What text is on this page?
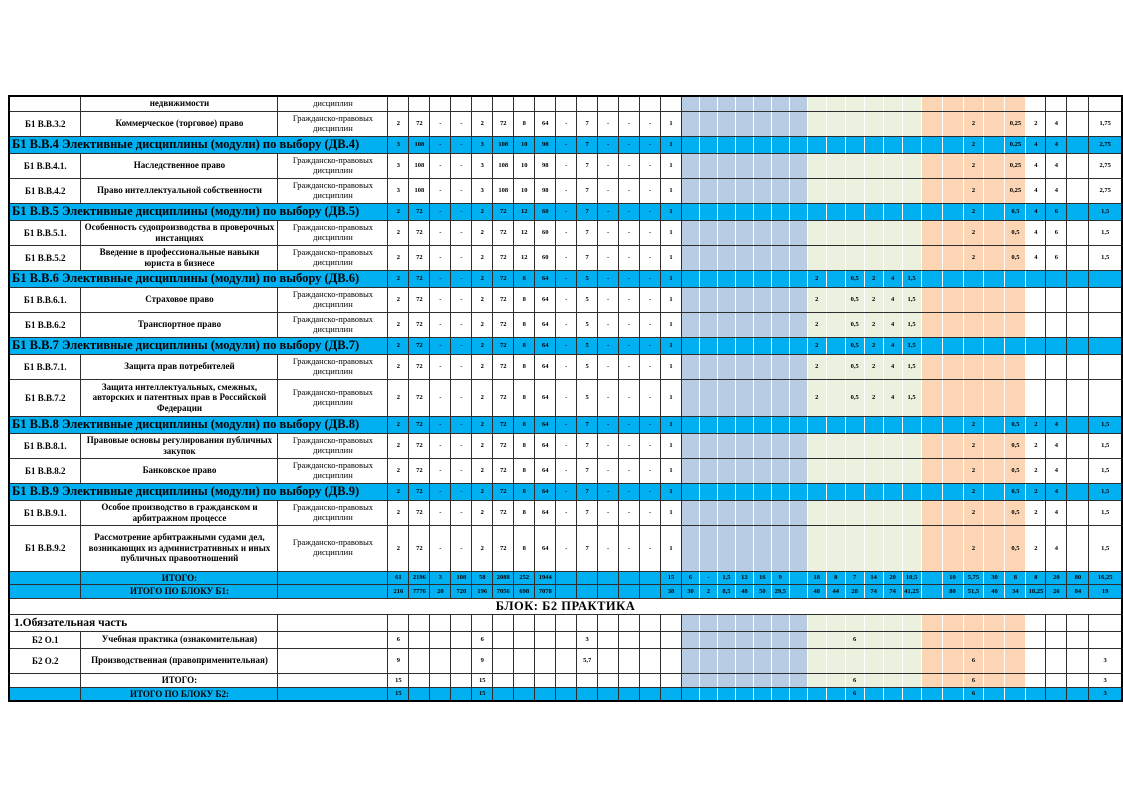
	недвижимости	дисциплин																																				
Б1 В.В.3.2	Коммерческое (торговое) право	Гражданско-правовых дисциплин	2	72	-	-	2	72	8	64	-	7	-	-	-	1																2		0,25	2	4		1,75
Б1 В.В.4 Элективные дисциплины (модули) по выбору (ДВ.4)			3	108	-	-	3	108	10	98	-	7	-	-	-	1																2		0,25	4	4		2,75
Б1 В.В.4.1.	Наследственное право	Гражданско-правовых дисциплин	3	108	-	-	3	108	10	98	-	7	-	-	-	1																2		0,25	4	4		2,75
Б1 В.В.4.2	Право интеллектуальной собственности	Гражданско-правовых дисциплин	3	108	-	-	3	108	10	98	-	7	-	-	-	1																2		0,25	4	4		2,75
Б1 В.В.5 Элективные дисциплины (модули) по выбору (ДВ.5)			2	72	-	-	2	72	12	60	-	7	-	-	-	1																2		0,5	4	6		1,5
Б1 В.В.5.1.	Особенность судопроизводства в проверочных инстанциях	Гражданско-правовых дисциплин	2	72	-	-	2	72	12	60	-	7	-	-	-	1																2		0,5	4	6		1,5
Б1 В.В.5.2	Введение в профессиональные навыки юриста в бизнесе	Гражданско-правовых дисциплин	2	72	-	-	2	72	12	60	-	7	-	-	-	1																2		0,5	4	6		1,5
Б1 В.В.6 Элективные дисциплины (модули) по выбору (ДВ.6)			2	72	-	-	2	72	8	64	-	5	-	-	-	1								2		0,5	2	4	1,5									
Б1 В.В.6.1.	Страховое право	Гражданско-правовых дисциплин	2	72	-	-	2	72	8	64	-	5	-	-	-	1								2		0,5	2	4	1,5									
Б1 В.В.6.2	Транспортное право	Гражданско-правовых дисциплин	2	72	-	-	2	72	8	64	-	5	-	-	-	1								2		0,5	2	4	1,5									
Б1 В.В.7 Элективные дисциплины (модули) по выбору (ДВ.7)			2	72	-	-	2	72	8	64	-	5	-	-	-	1								2		0,5	2	4	1,5									
Б1 В.В.7.1.	Защита прав потребителей	Гражданско-правовых дисциплин	2	72	-	-	2	72	8	64	-	5	-	-	-	1								2		0,5	2	4	1,5									
Б1 В.В.7.2	Защита интеллектуальных, смежных, авторских и патентных прав в Российской Федерации	Гражданско-правовых дисциплин	2	72	-	-	2	72	8	64	-	5	-	-	-	1								2		0,5	2	4	1,5									
Б1 В.В.8 Элективные дисциплины (модули) по выбору (ДВ.8)			2	72	-	-	2	72	8	64	-	7	-	-	-	1																2		0,5	2	4		1,5
Б1 В.В.8.1.	Правовые основы регулирования публичных закупок	Гражданско-правовых дисциплин	2	72	-	-	2	72	8	64	-	7	-	-	-	1																2		0,5	2	4		1,5
Б1 В.В.8.2	Банковское право	Гражданско-правовых дисциплин	2	72	-	-	2	72	8	64	-	7	-	-	-	1																2		0,5	2	4		1,5
Б1 В.В.9 Элективные дисциплины (модули) по выбору (ДВ.9)			2	72	-	-	2	72	8	64	-	7	-	-	-	1																2		0,5	2	4		1,5
Б1 В.В.9.1.	Особое производство в гражданском и арбитражном процессе	Гражданско-правовых дисциплин	2	72	-	-	2	72	8	64	-	7	-	-	-	1																2		0,5	2	4		1,5
Б1 В.В.9.2	Рассмотрение арбитражными судами дел, возникающих из административных и иных публичных правоотношений	Гражданско-правовых дисциплин	2	72	-	-	2	72	8	64	-	7	-	-	-	1																2		0,5	2	4		1,5
	ИТОГО:		61	2196	3	108	58	2088	252	1944						15	6	-	1,5	12	16	9		18	8	7	14	20	10,5		10	5,75	30	8	8	20	80	16,25
	ИТОГО ПО БЛОКУ Б1:		216	7776	20	720	196	7056	698	7078						38	30	2	8,5	48	50	29,5		48	44	28	74	74	41,25		80	51,5	48	34	18,25	26	84	19
БЛОК: Б2 ПРАКТИКА																																						
1.Обязательная часть																																						
Б2 О.1	Учебная практика (ознакомительная)		6				6					3														6												
Б2 О.2	Производственная (правоприменительная)		9				9					5,7																				6						3
	ИТОГО:		15				15																			6						6						3
	ИТОГО ПО БЛОКУ Б2:		15				15																			6						6						3
